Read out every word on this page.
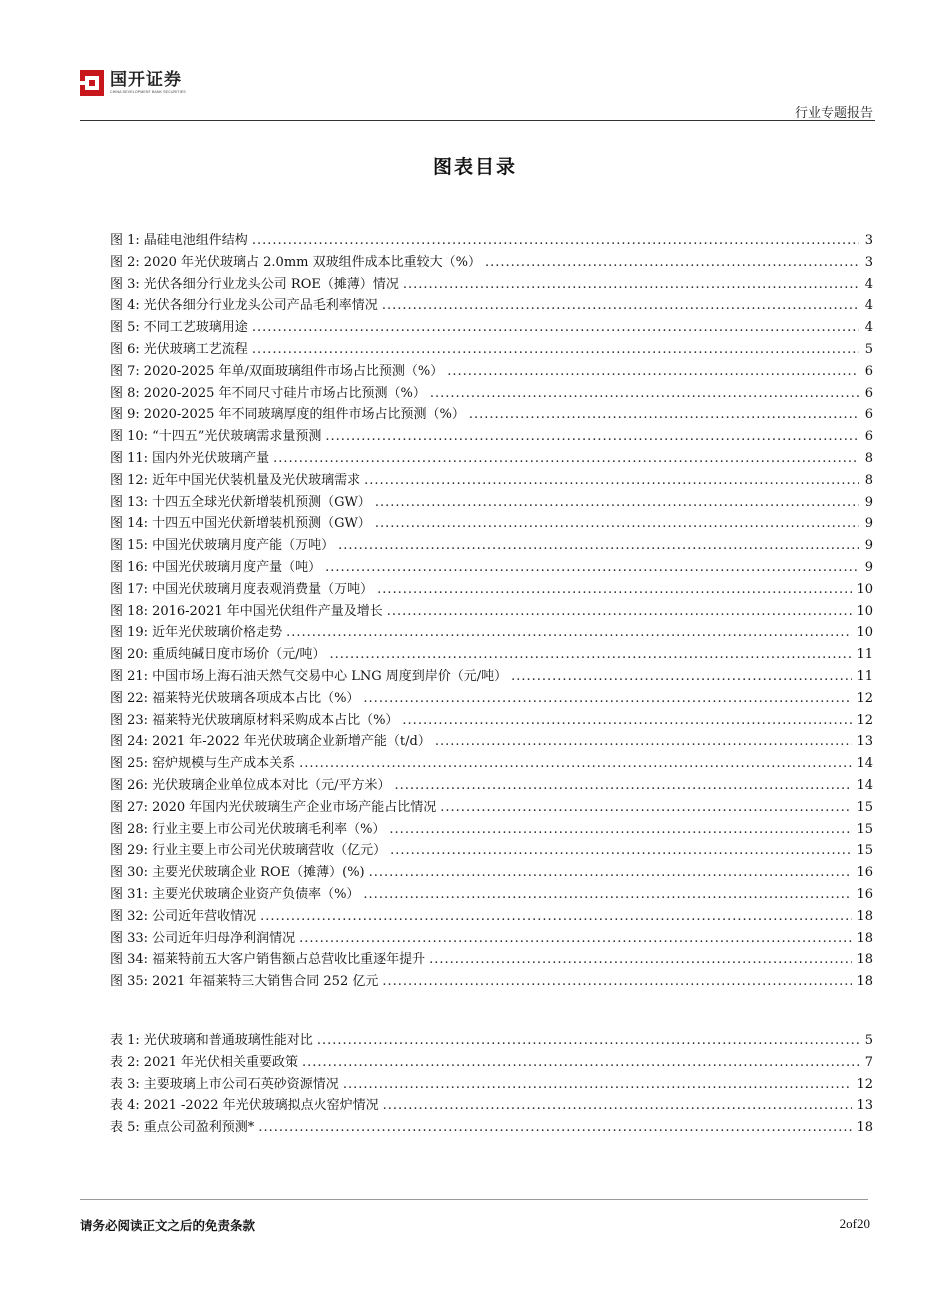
国开证券
CHINA DEVELOPMENT BANK SECURITIES
行业专题报告
图表目录
图 1: 晶硅电池组件结构 .....	3
图 2: 2020 年光伏玻璃占 2.0mm 双玻组件成本比重较大（%） .....	3
图 3: 光伏各细分行业龙头公司 ROE（摊薄）情况 .....	4
图 4: 光伏各细分行业龙头公司产品毛利率情况 .....	4
图 5: 不同工艺玻璃用途 .....	4
图 6: 光伏玻璃工艺流程 .....	5
图 7: 2020-2025 年单/双面玻璃组件市场占比预测（%） .....	6
图 8: 2020-2025 年不同尺寸硅片市场占比预测（%） .....	6
图 9: 2020-2025 年不同玻璃厚度的组件市场占比预测（%） .....	6
图 10: “十四五”光伏玻璃需求量预测 .....	6
图 11: 国内外光伏玻璃产量 .....	8
图 12: 近年中国光伏装机量及光伏玻璃需求 .....	8
图 13: 十四五全球光伏新增装机预测（GW） .....	9
图 14: 十四五中国光伏新增装机预测（GW） .....	9
图 15: 中国光伏玻璃月度产能（万吨） .....	9
图 16: 中国光伏玻璃月度产量（吨） .....	9
图 17: 中国光伏玻璃月度表观消费量（万吨） .....	10
图 18: 2016-2021 年中国光伏组件产量及增长 .....	10
图 19: 近年光伏玻璃价格走势 .....	10
图 20: 重质纯碱日度市场价（元/吨） .....	11
图 21: 中国市场上海石油天然气交易中心 LNG 周度到岸价（元/吨） .....	11
图 22: 福莱特光伏玻璃各项成本占比（%） .....	12
图 23: 福莱特光伏玻璃原材料采购成本占比（%） .....	12
图 24: 2021 年-2022 年光伏玻璃企业新增产能（t/d） .....	13
图 25: 窑炉规模与生产成本关系 .....	14
图 26: 光伏玻璃企业单位成本对比（元/平方米） .....	14
图 27: 2020 年国内光伏玻璃生产企业市场产能占比情况 .....	15
图 28: 行业主要上市公司光伏玻璃毛利率（%） .....	15
图 29: 行业主要上市公司光伏玻璃营收（亿元） .....	15
图 30: 主要光伏玻璃企业 ROE（摊薄）(%) .....	16
图 31: 主要光伏玻璃企业资产负债率（%） .....	16
图 32: 公司近年营收情况 .....	18
图 33: 公司近年归母净利润情况 .....	18
图 34: 福莱特前五大客户销售额占总营收比重逐年提升 .....	18
图 35: 2021 年福莱特三大销售合同 252 亿元 .....	18
表 1: 光伏玻璃和普通玻璃性能对比 .....	5
表 2: 2021 年光伏相关重要政策 .....	7
表 3: 主要玻璃上市公司石英砂资源情况 .....	12
表 4: 2021 -2022 年光伏玻璃拟点火窑炉情况 .....	13
表 5: 重点公司盈利预测* .....	18
请务必阅读正文之后的免责条款	2of20
